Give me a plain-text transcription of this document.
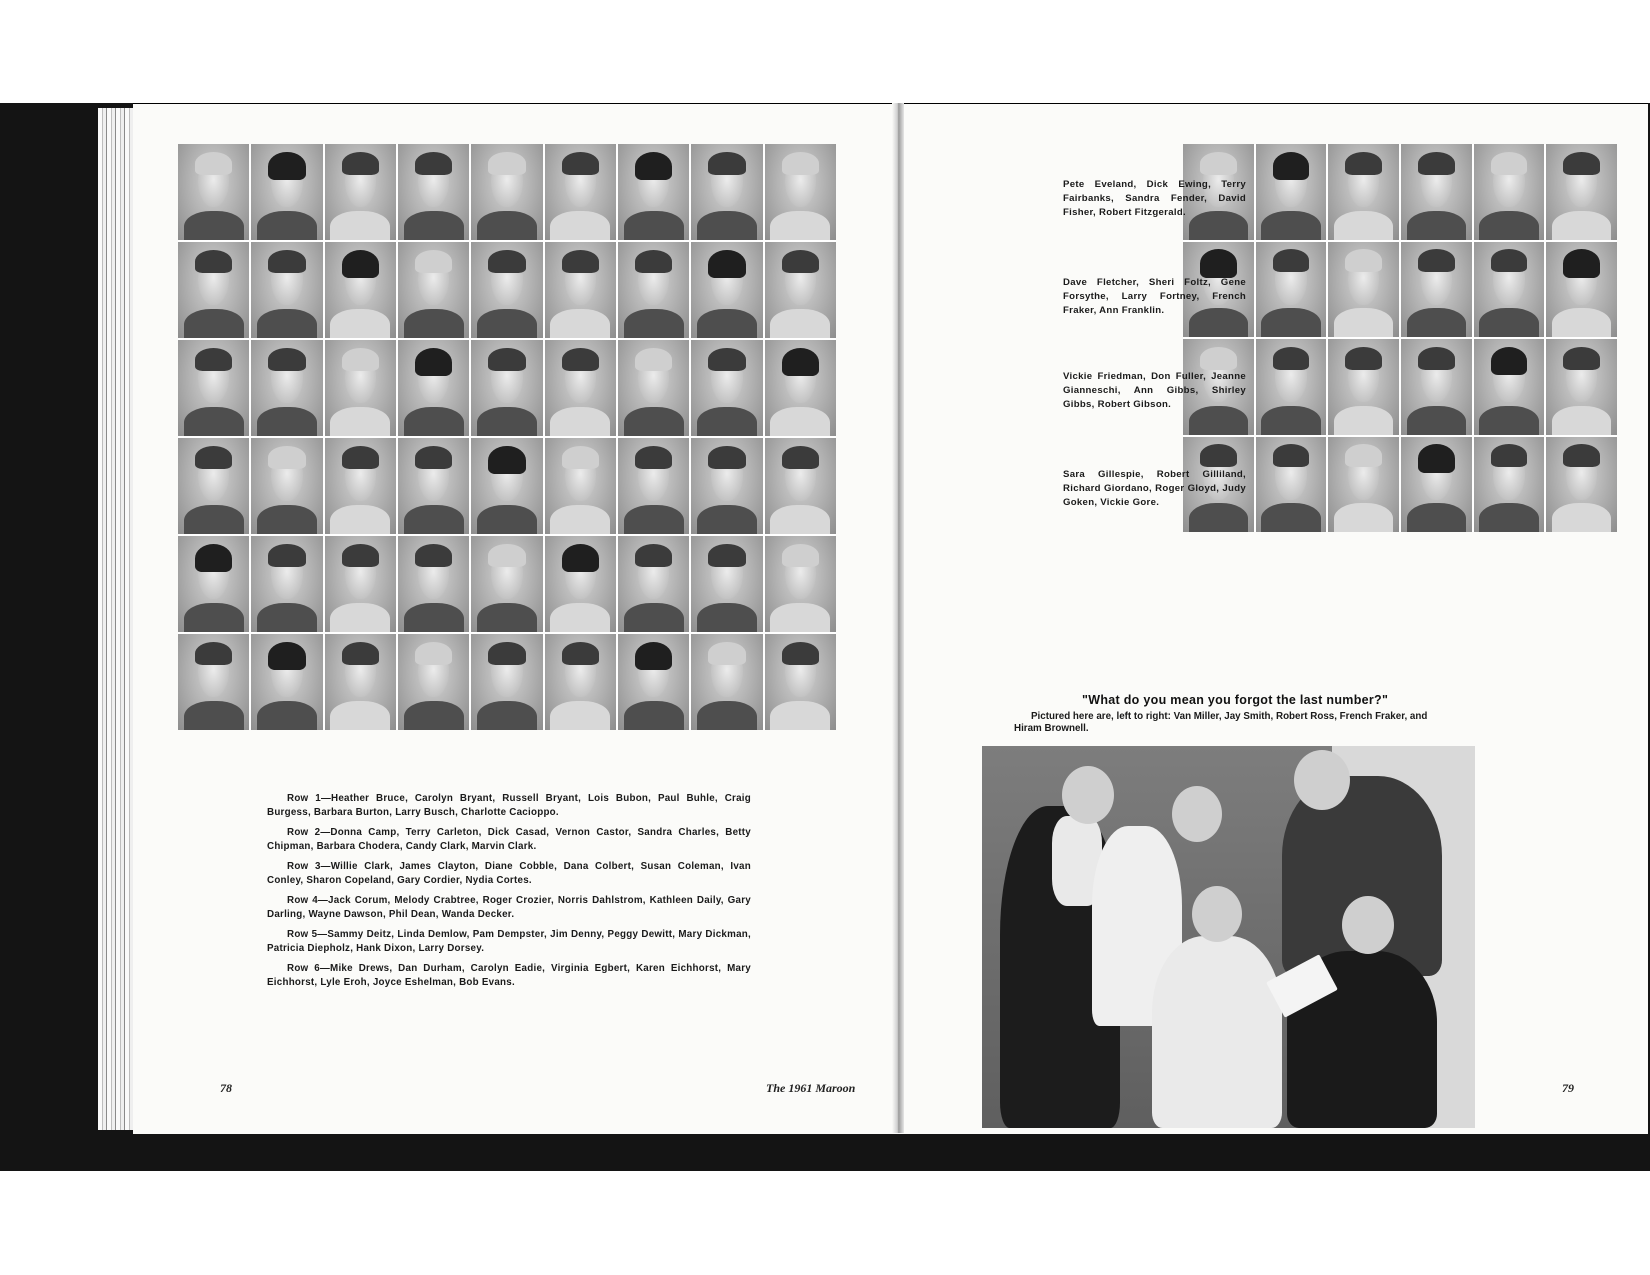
Pete Eveland, Dick Ewing, Terry Fairbanks, Sandra Fender, David Fisher, Robert Fitzgerald.
Dave Fletcher, Sheri Foltz, Gene Forsythe, Larry Fortney, French Fraker, Ann Franklin.
Vickie Friedman, Don Fuller, Jeanne Gianneschi, Ann Gibbs, Shirley Gibbs, Robert Gibson.
Sara Gillespie, Robert Gilliland, Richard Giordano, Roger Gloyd, Judy Goken, Vickie Gore.

Row 1—Heather Bruce, Carolyn Bryant, Russell Bryant, Lois Bubon, Paul Buhle, Craig Burgess, Barbara Burton, Larry Busch, Charlotte Cacioppo.

Row 2—Donna Camp, Terry Carleton, Dick Casad, Vernon Castor, Sandra Charles, Betty Chipman, Barbara Chodera, Candy Clark, Marvin Clark.

Row 3—Willie Clark, James Clayton, Diane Cobble, Dana Colbert, Susan Coleman, Ivan Conley, Sharon Copeland, Gary Cordier, Nydia Cortes.

Row 4—Jack Corum, Melody Crabtree, Roger Crozier, Norris Dahlstrom, Kathleen Daily, Gary Darling, Wayne Dawson, Phil Dean, Wanda Decker.

Row 5—Sammy Deitz, Linda Demlow, Pam Dempster, Jim Denny, Peggy Dewitt, Mary Dickman, Patricia Diepholz, Hank Dixon, Larry Dorsey.

Row 6—Mike Drews, Dan Durham, Carolyn Eadie, Virginia Egbert, Karen Eichhorst, Mary Eichhorst, Lyle Eroh, Joyce Eshelman, Bob Evans.

"What do you mean you forgot the last number?"
Pictured here are, left to right: Van Miller, Jay Smith, Robert Ross, French Fraker, and Hiram Brownell.
78	The 1961 Maroon	79
